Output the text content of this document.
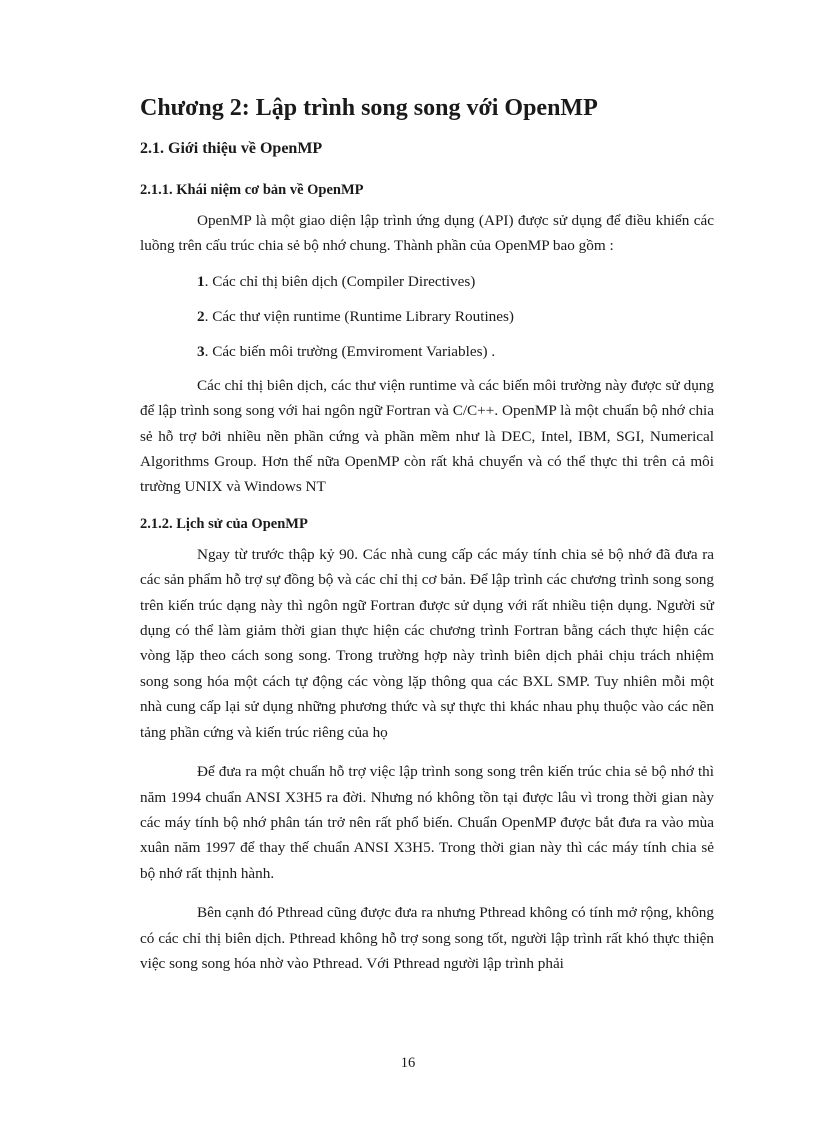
Chương 2: Lập trình song song với OpenMP
2.1. Giới thiệu về OpenMP
2.1.1. Khái niệm cơ bản về OpenMP

OpenMP là một giao diện lập trình ứng dụng (API) được sử dụng để điều khiển các luồng trên cấu trúc chia sẻ bộ nhớ chung. Thành phần của OpenMP bao gồm :

1. Các chỉ thị biên dịch (Compiler Directives)
2. Các thư viện runtime (Runtime Library Routines)
3. Các biến môi trường (Emviroment Variables) .

Các chỉ thị biên dịch, các thư viện runtime và các biến môi trường này được sử dụng để lập trình song song với hai ngôn ngữ Fortran và C/C++. OpenMP là một chuẩn bộ nhớ chia sẻ hỗ trợ bởi nhiều nền phần cứng và phần mềm như là DEC, Intel, IBM, SGI, Numerical Algorithms Group. Hơn thế nữa OpenMP còn rất khả chuyển và có thể thực thi trên cả môi trường UNIX và Windows NT

2.1.2. Lịch sử của OpenMP

Ngay từ trước thập kỷ 90. Các nhà cung cấp các máy tính chia sẻ bộ nhớ đã đưa ra các sản phẩm hỗ trợ sự đồng bộ và các chỉ thị cơ bản. Để lập trình các chương trình song song trên kiến trúc dạng này thì ngôn ngữ Fortran được sử dụng với rất nhiều tiện dụng. Người sử dụng có thể làm giảm thời gian thực hiện các chương trình Fortran bằng cách thực hiện các vòng lặp theo cách song song. Trong trường hợp này trình biên dịch phải chịu trách nhiệm song song hóa một cách tự động các vòng lặp thông qua các BXL SMP. Tuy nhiên mỗi một nhà cung cấp lại sử dụng những phương thức và sự thực thi khác nhau phụ thuộc vào các nền tảng phần cứng và kiến trúc riêng của họ

Để đưa ra một chuẩn hỗ trợ việc lập trình song song trên kiến trúc chia sẻ bộ nhớ thì năm 1994 chuẩn ANSI X3H5 ra đời. Nhưng nó không tồn tại được lâu vì trong thời gian này các máy tính bộ nhớ phân tán trở nên rất phổ biến. Chuẩn OpenMP được bắt đưa ra vào mùa xuân năm 1997 để thay thế chuẩn ANSI X3H5. Trong thời gian này thì các máy tính chia sẻ bộ nhớ rất thịnh hành.

Bên cạnh đó Pthread cũng được đưa ra nhưng Pthread không có tính mở rộng, không có các chỉ thị biên dịch. Pthread không hỗ trợ song song tốt, người lập trình rất khó thực thiện việc song song hóa nhờ vào Pthread. Với Pthread người lập trình phải

16
